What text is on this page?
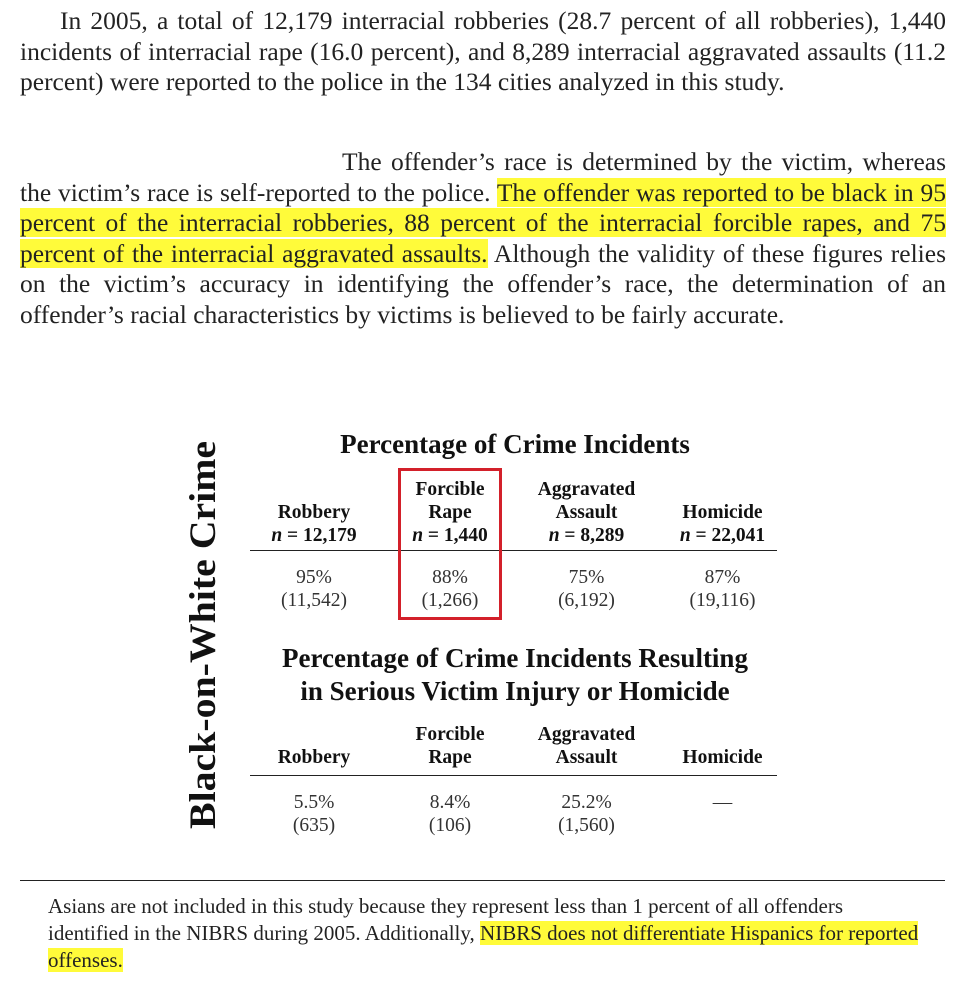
In 2005, a total of 12,179 interracial robberies (28.7 percent of all robberies), 1,440 incidents of interracial rape (16.0 percent), and 8,289 interracial aggravated assaults (11.2 percent) were reported to the police in the 134 cities analyzed in this study.

The offender’s race is determined by the victim, whereas the victim’s race is self-reported to the police. The offender was reported to be black in 95 percent of the interracial robberies, 88 percent of the interracial forcible rapes, and 75 percent of the interracial aggravated assaults. Although the validity of these figures relies on the victim’s accuracy in identifying the offender’s race, the determination of an offender’s racial characteristics by victims is believed to be fairly accurate.

Black-on-White Crime
Percentage of Crime Incidents

Robbery
n = 12,179
Forcible
Rape
n = 1,440
Aggravated
Assault
n = 8,289

Homicide
n = 22,041
95%
(11,542)
88%
(1,266)
75%
(6,192)
87%
(19,116)
Percentage of Crime Incidents Resulting
in Serious Victim Injury or Homicide

Robbery
Forcible
Rape
Aggravated
Assault
	Homicide
5.5%
(635)
8.4%
(106)
25.2%
(1,560)
—

Asians are not included in this study because they represent less than 1 percent of all offenders identified in the NIBRS during 2005. Additionally, NIBRS does not differentiate Hispanics for reported offenses.
